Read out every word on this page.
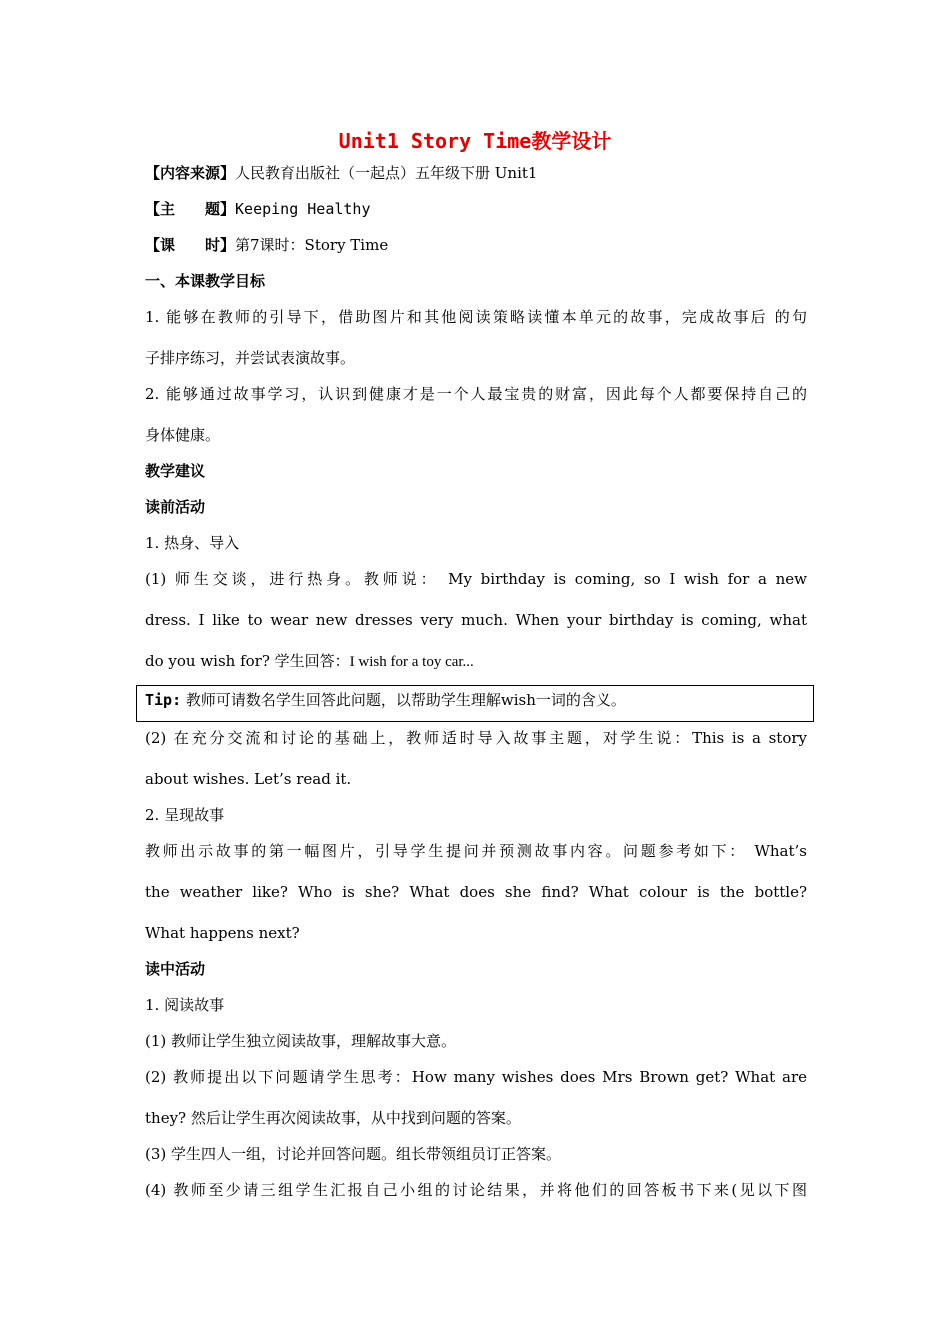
Unit1 Story Time教学设计
【内容来源】人民教育出版社（一起点）五年级下册 Unit1
【主　　题】Keeping Healthy
【课　　时】第7课时：Story Time
一、本课教学目标
1. 能够在教师的引导下，借助图片和其他阅读策略读懂本单元的故事，完成故事后 的句
子排序练习，并尝试表演故事。
2. 能够通过故事学习，认识到健康才是一个人最宝贵的财富，因此每个人都要保持自己的
身体健康。
教学建议
读前活动
1. 热身、导入
(1) 师生交谈，进行热身。教师说： My birthday is coming, so I wish for a new
dress. I like to wear new dresses very much. When your birthday is coming, what
do you wish for? 学生回答：I wish for a toy car...
Tip: 教师可请数名学生回答此问题，以帮助学生理解wish一词的含义。
(2) 在充分交流和讨论的基础上，教师适时导入故事主题，对学生说：This is a story
about wishes. Let’s read it.
2. 呈现故事
教师出示故事的第一幅图片，引导学生提问并预测故事内容。问题参考如下： What’s
the weather like? Who is she? What does she find? What colour is the bottle?
What happens next?
读中活动
1. 阅读故事
(1) 教师让学生独立阅读故事，理解故事大意。
(2) 教师提出以下问题请学生思考：How many wishes does Mrs Brown get? What are
they? 然后让学生再次阅读故事，从中找到问题的答案。
(3) 学生四人一组，讨论并回答问题。组长带领组员订正答案。
(4) 教师至少请三组学生汇报自己小组的讨论结果，并将他们的回答板书下来(见以下图
